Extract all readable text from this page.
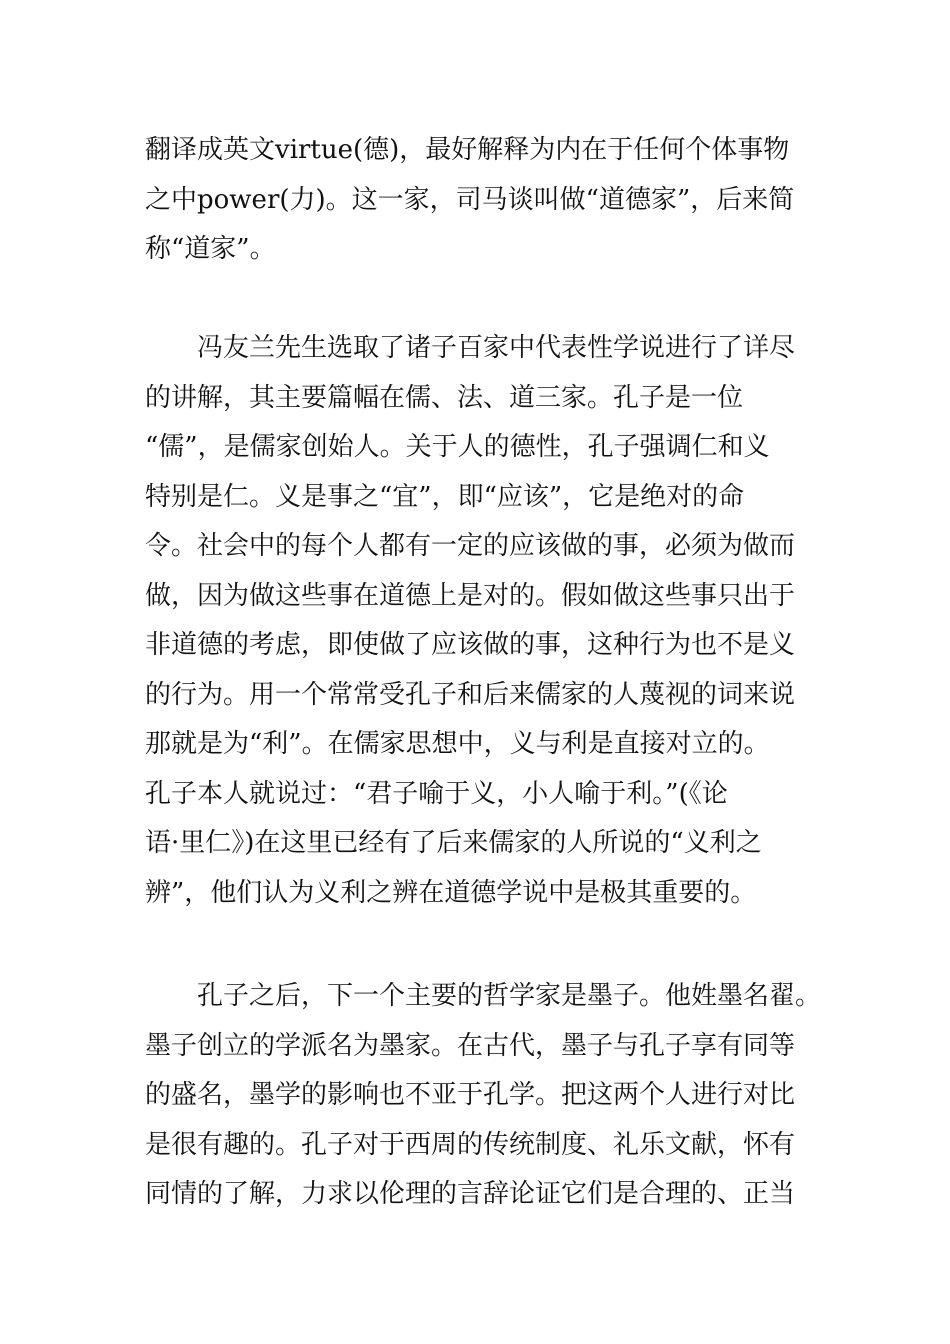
翻译成英文virtue(德)，最好解释为内在于任何个体事物
之中power(力)。这一家，司马谈叫做“道德家”，后来简
称“道家”。

　　冯友兰先生选取了诸子百家中代表性学说进行了详尽
的讲解，其主要篇幅在儒、法、道三家。孔子是一位
“儒”，是儒家创始人。关于人的德性，孔子强调仁和义
特别是仁。义是事之“宜”，即“应该”，它是绝对的命
令。社会中的每个人都有一定的应该做的事，必须为做而
做，因为做这些事在道德上是对的。假如做这些事只出于
非道德的考虑，即使做了应该做的事，这种行为也不是义
的行为。用一个常常受孔子和后来儒家的人蔑视的词来说
那就是为“利”。在儒家思想中，义与利是直接对立的。
孔子本人就说过：“君子喻于义，小人喻于利。”(《论
语·里仁》)在这里已经有了后来儒家的人所说的“义利之
辨”，他们认为义利之辨在道德学说中是极其重要的。

　　孔子之后，下一个主要的哲学家是墨子。他姓墨名翟。
墨子创立的学派名为墨家。在古代，墨子与孔子享有同等
的盛名，墨学的影响也不亚于孔学。把这两个人进行对比
是很有趣的。孔子对于西周的传统制度、礼乐文献，怀有
同情的了解，力求以伦理的言辞论证它们是合理的、正当
